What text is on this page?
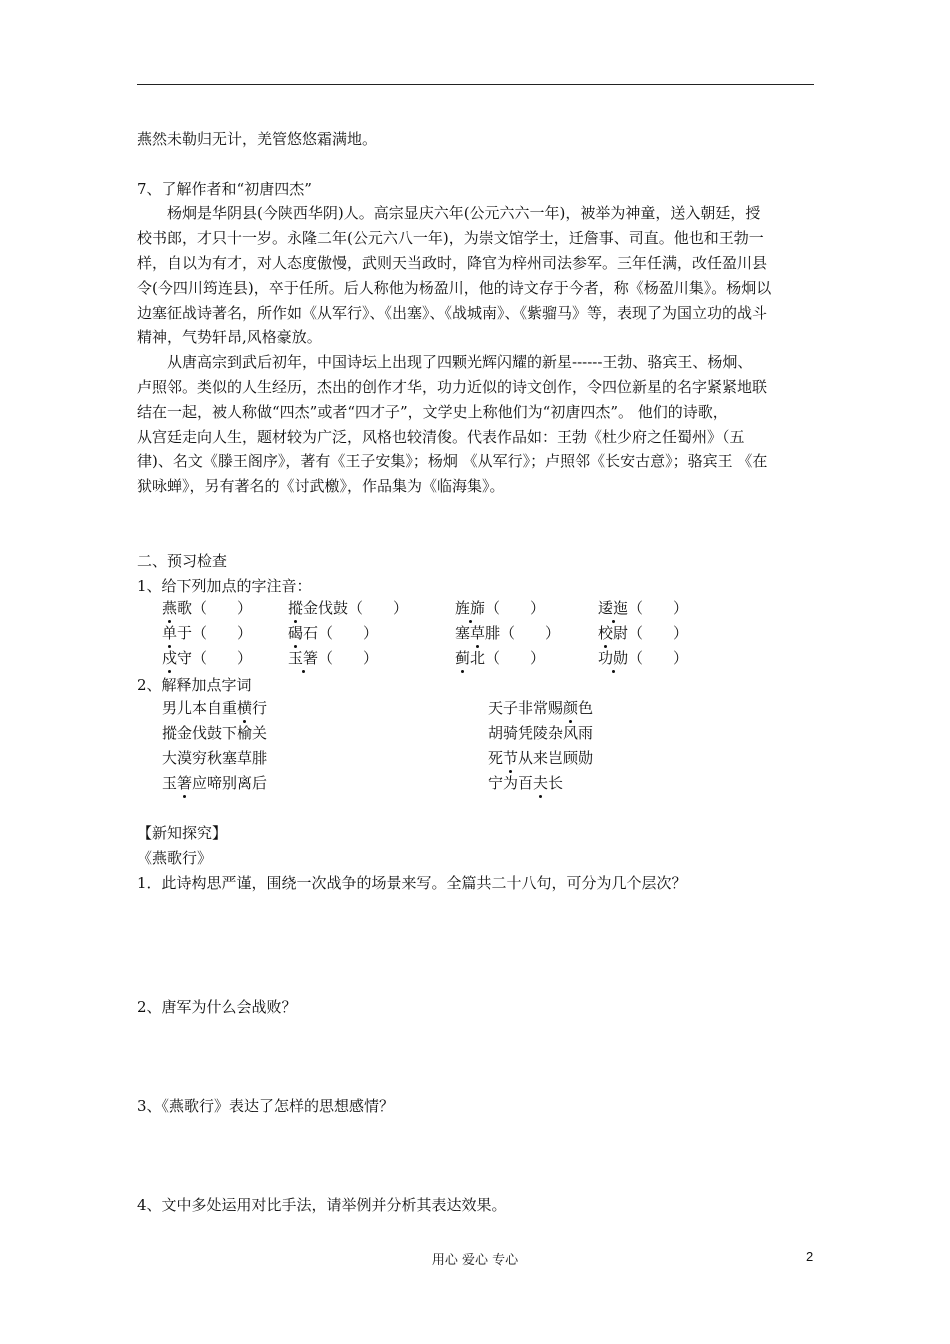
燕然未勒归无计，羌管悠悠霜满地。
7、了解作者和“初唐四杰”
杨炯是华阴县(今陕西华阴)人。高宗显庆六年(公元六六一年)，被举为神童，送入朝廷，授
校书郎，才只十一岁。永隆二年(公元六八一年)，为崇文馆学士，迁詹事、司直。他也和王勃一
样，自以为有才，对人态度傲慢，武则天当政时，降官为梓州司法参军。三年任满，改任盈川县
令(今四川筠连县)，卒于任所。后人称他为杨盈川，他的诗文存于今者，称《杨盈川集》。杨炯以
边塞征战诗著名，所作如《从军行》、《出塞》、《战城南》、《紫骝马》等，表现了为国立功的战斗
精神，气势轩昂,风格豪放。
从唐高宗到武后初年，中国诗坛上出现了四颗光辉闪耀的新星------王勃、骆宾王、杨炯、
卢照邻。类似的人生经历，杰出的创作才华，功力近似的诗文创作，令四位新星的名字紧紧地联
结在一起，被人称做“四杰”或者“四才子”，文学史上称他们为“初唐四杰”。 他们的诗歌，
从宫廷走向人生，题材较为广泛，风格也较清俊。代表作品如：王勃《杜少府之任蜀州》（五
律)、名文《滕王阁序》，著有《王子安集》；杨炯 《从军行》；卢照邻《长安古意》；骆宾王 《在
狱咏蝉》，另有著名的《讨武檄》，作品集为《临海集》。
二、预习检查
1、给下列加点的字注音：
燕歌（　　） 摐金伐鼓（　　）	旌旆（　　）	逶迤（　　）
单于（　　） 碣石（　　）	塞草腓（　　）	校尉（　　）
戍守（　　） 玉箸（　　）	蓟北（　　）	功勋（　　）
2、解释加点字词
男儿本自重横行
摐金伐鼓下榆关
大漠穷秋塞草腓
玉箸应啼别离后
天子非常赐颜色
胡骑凭陵杂风雨
死节从来岂顾勋
宁为百夫长
【新知探究】
《燕歌行》
1．此诗构思严谨，围绕一次战争的场景来写。全篇共二十八句，可分为几个层次？
2、唐军为什么会战败？
3、《燕歌行》表达了怎样的思想感情？
4、文中多处运用对比手法，请举例并分析其表达效果。
用心 爱心 专心	2
